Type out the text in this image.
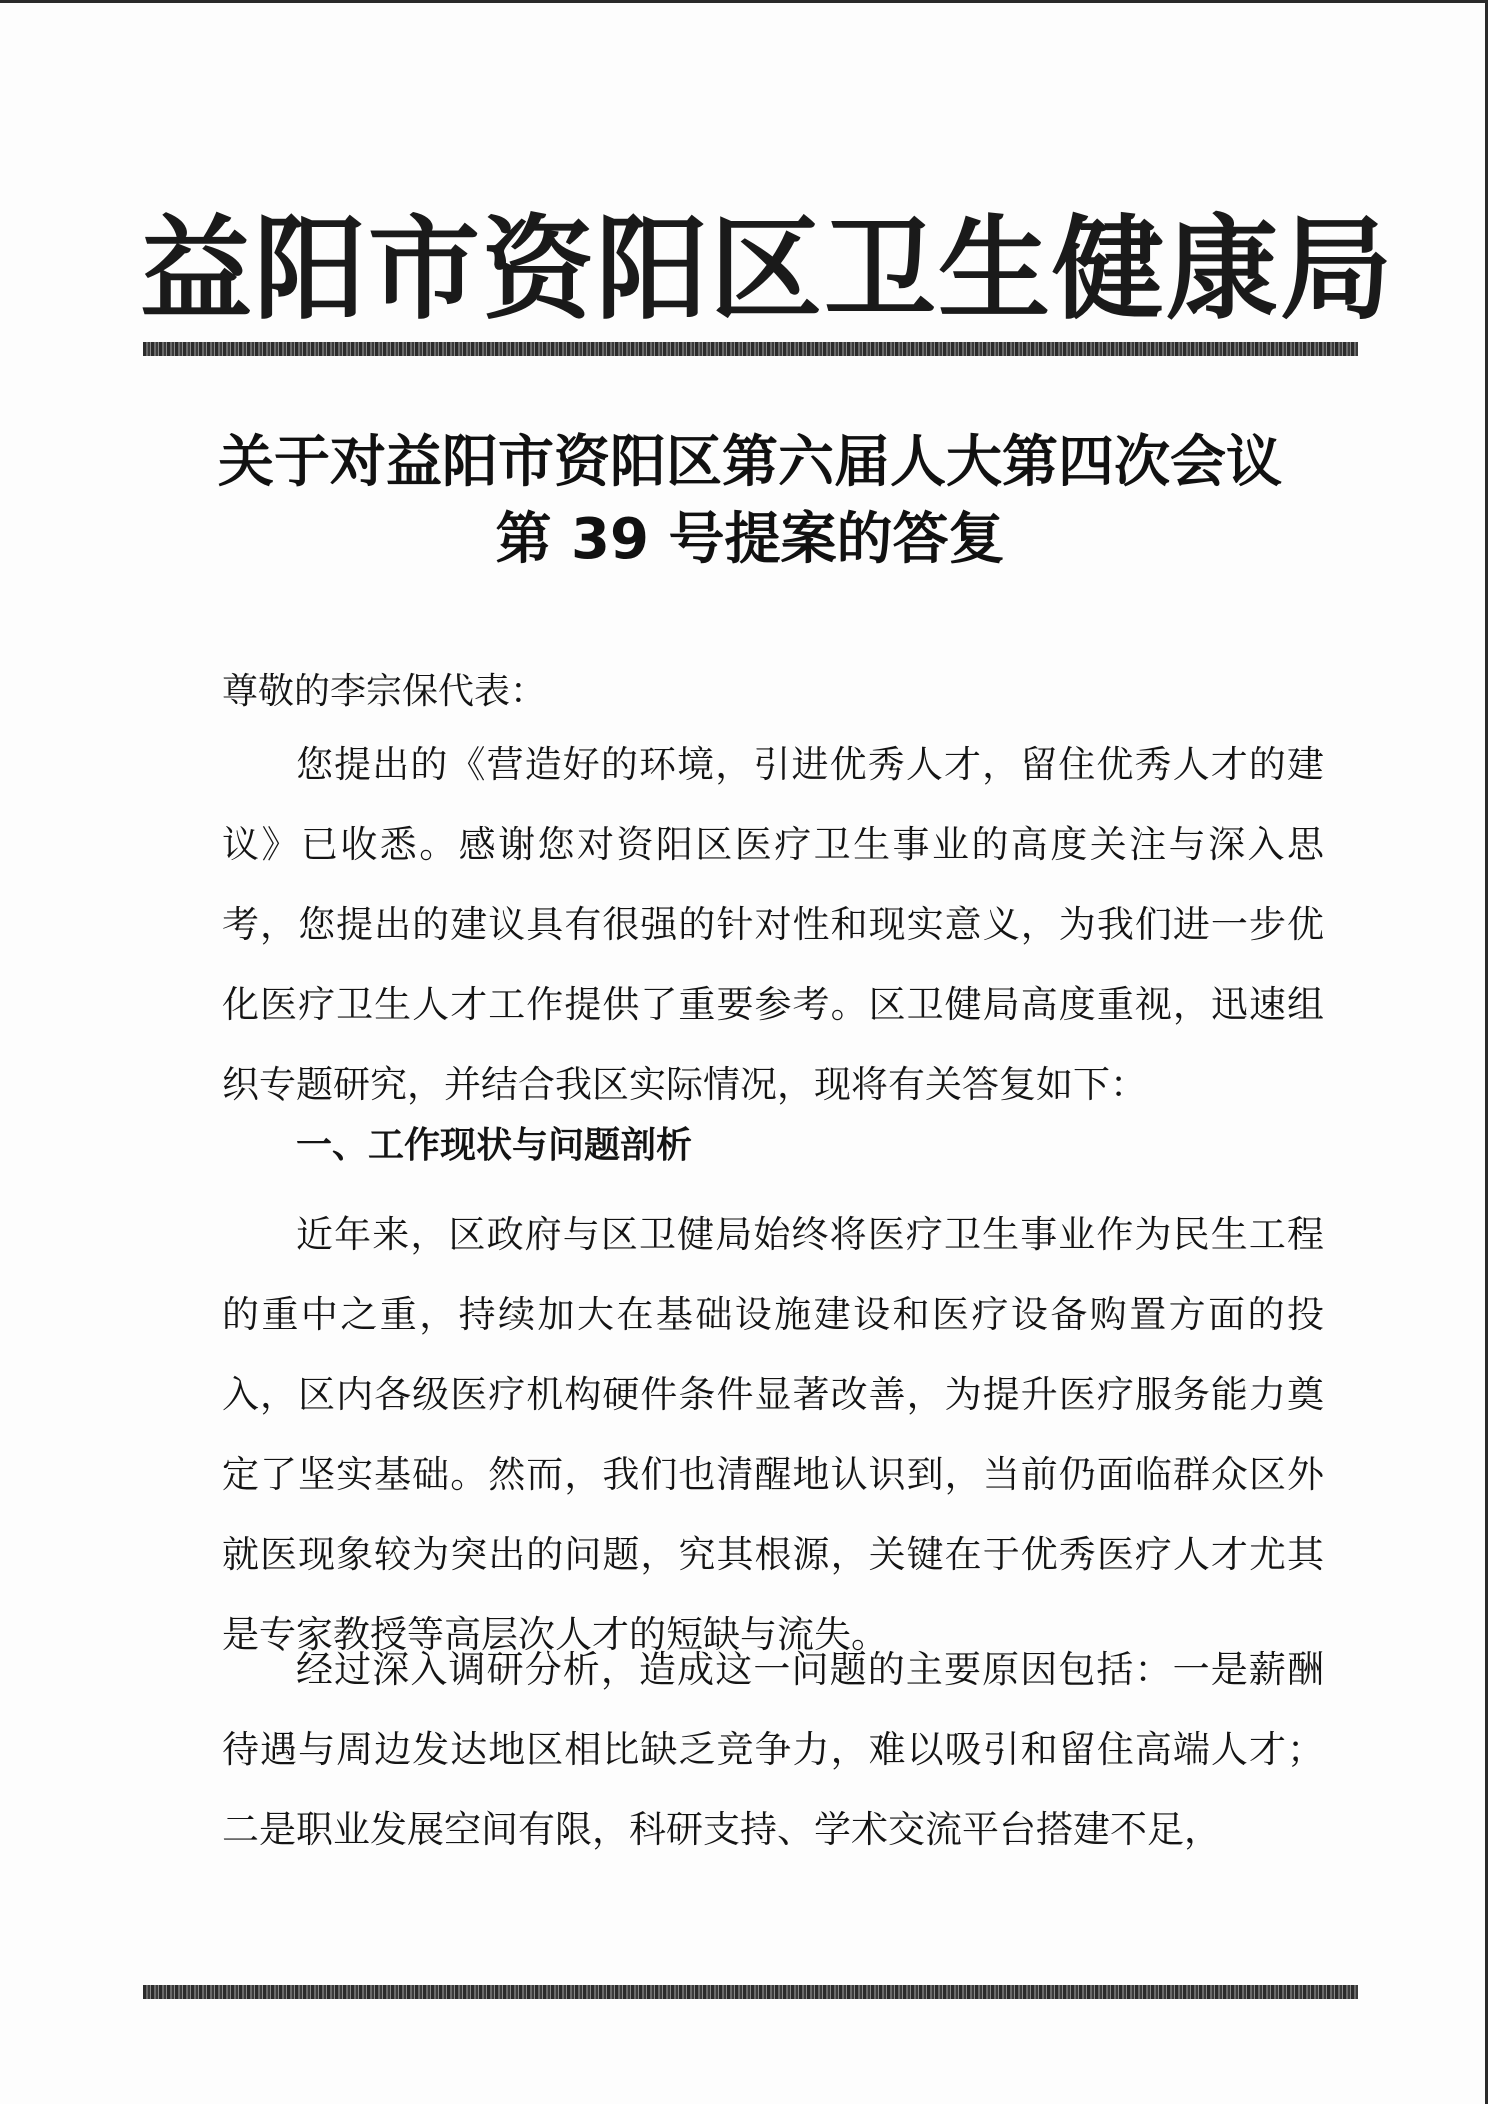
益阳市资阳区卫生健康局
关于对益阳市资阳区第六届人大第四次会议
第 39 号提案的答复
尊敬的李宗保代表：

您提出的《营造好的环境，引进优秀人才，留住优秀人才的建议》已收悉。感谢您对资阳区医疗卫生事业的高度关注与深入思考，您提出的建议具有很强的针对性和现实意义，为我们进一步优化医疗卫生人才工作提供了重要参考。区卫健局高度重视，迅速组织专题研究，并结合我区实际情况，现将有关答复如下：

一、工作现状与问题剖析

近年来，区政府与区卫健局始终将医疗卫生事业作为民生工程的重中之重，持续加大在基础设施建设和医疗设备购置方面的投入，区内各级医疗机构硬件条件显著改善，为提升医疗服务能力奠定了坚实基础。然而，我们也清醒地认识到，当前仍面临群众区外就医现象较为突出的问题，究其根源，关键在于优秀医疗人才尤其是专家教授等高层次人才的短缺与流失。

经过深入调研分析，造成这一问题的主要原因包括：一是薪酬待遇与周边发达地区相比缺乏竞争力，难以吸引和留住高端人才；二是职业发展空间有限，科研支持、学术交流平台搭建不足，
